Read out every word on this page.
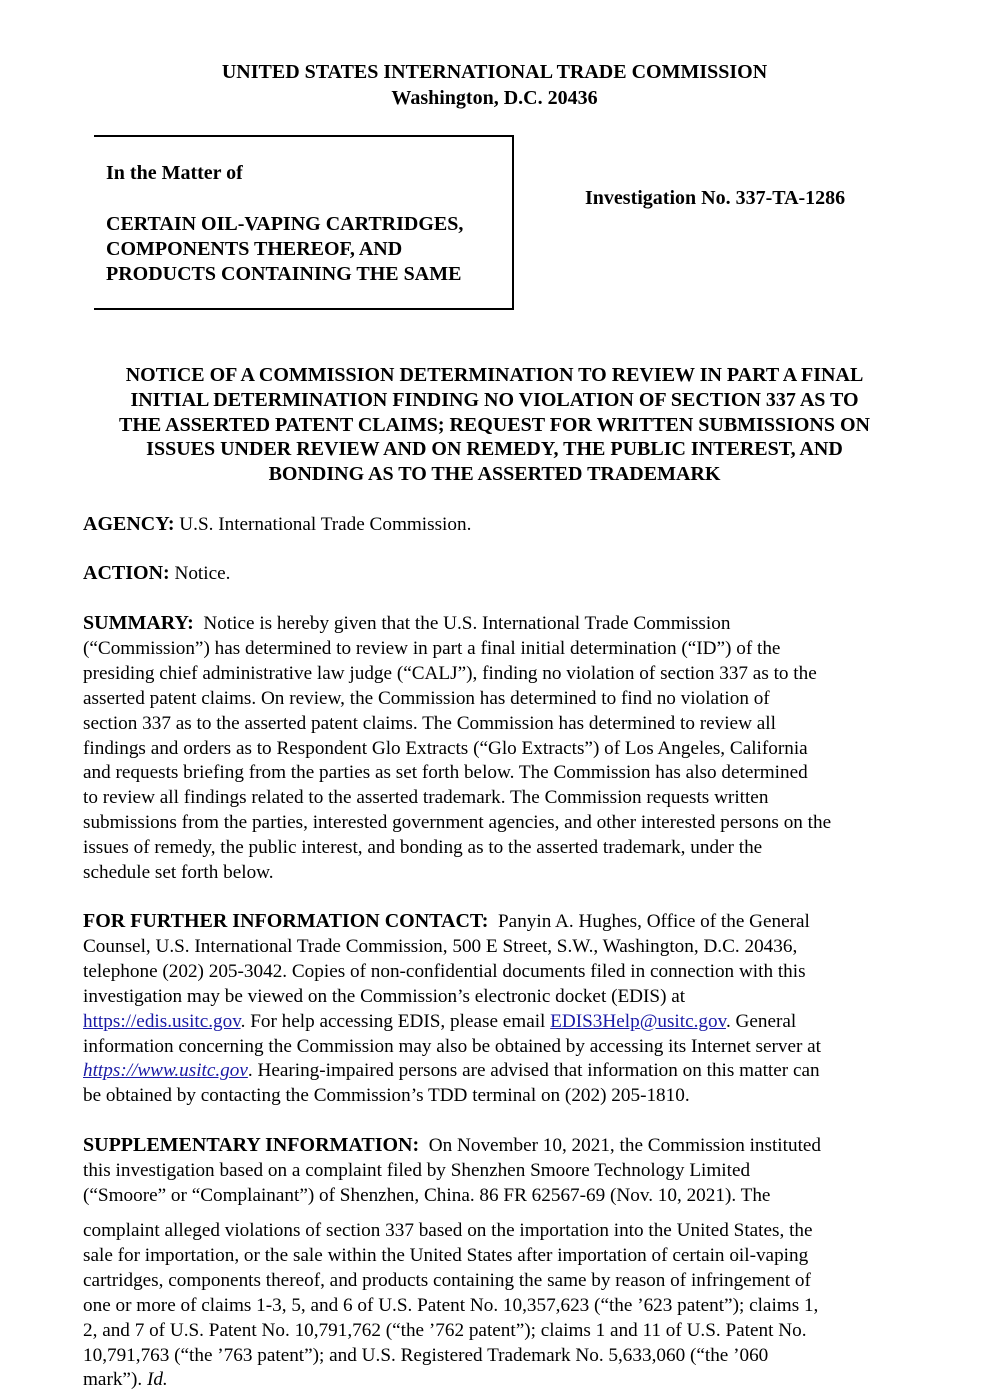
UNITED STATES INTERNATIONAL TRADE COMMISSION
Washington, D.C. 20436
In the Matter of
CERTAIN OIL-VAPING CARTRIDGES,
COMPONENTS THEREOF, AND
PRODUCTS CONTAINING THE SAME
Investigation No. 337-TA-1286
NOTICE OF A COMMISSION DETERMINATION TO REVIEW IN PART A FINAL
INITIAL DETERMINATION FINDING NO VIOLATION OF SECTION 337 AS TO
THE ASSERTED PATENT CLAIMS; REQUEST FOR WRITTEN SUBMISSIONS ON
ISSUES UNDER REVIEW AND ON REMEDY, THE PUBLIC INTEREST, AND
BONDING AS TO THE ASSERTED TRADEMARK
AGENCY: U.S. International Trade Commission.
ACTION: Notice.
SUMMARY: Notice is hereby given that the U.S. International Trade Commission
(“Commission”) has determined to review in part a final initial determination (“ID”) of the
presiding chief administrative law judge (“CALJ”), finding no violation of section 337 as to the
asserted patent claims. On review, the Commission has determined to find no violation of
section 337 as to the asserted patent claims. The Commission has determined to review all
findings and orders as to Respondent Glo Extracts (“Glo Extracts”) of Los Angeles, California
and requests briefing from the parties as set forth below. The Commission has also determined
to review all findings related to the asserted trademark. The Commission requests written
submissions from the parties, interested government agencies, and other interested persons on the
issues of remedy, the public interest, and bonding as to the asserted trademark, under the
schedule set forth below.
FOR FURTHER INFORMATION CONTACT: Panyin A. Hughes, Office of the General
Counsel, U.S. International Trade Commission, 500 E Street, S.W., Washington, D.C. 20436,
telephone (202) 205-3042. Copies of non-confidential documents filed in connection with this
investigation may be viewed on the Commission’s electronic docket (EDIS) at
https://edis.usitc.gov. For help accessing EDIS, please email EDIS3Help@usitc.gov. General
information concerning the Commission may also be obtained by accessing its Internet server at
https://www.usitc.gov. Hearing-impaired persons are advised that information on this matter can
be obtained by contacting the Commission’s TDD terminal on (202) 205-1810.
SUPPLEMENTARY INFORMATION: On November 10, 2021, the Commission instituted
this investigation based on a complaint filed by Shenzhen Smoore Technology Limited
(“Smoore” or “Complainant”) of Shenzhen, China. 86 FR 62567-69 (Nov. 10, 2021). The
complaint alleged violations of section 337 based on the importation into the United States, the
sale for importation, or the sale within the United States after importation of certain oil-vaping
cartridges, components thereof, and products containing the same by reason of infringement of
one or more of claims 1-3, 5, and 6 of U.S. Patent No. 10,357,623 (“the ’623 patent”); claims 1,
2, and 7 of U.S. Patent No. 10,791,762 (“the ’762 patent”); claims 1 and 11 of U.S. Patent No.
10,791,763 (“the ’763 patent”); and U.S. Registered Trademark No. 5,633,060 (“the ’060
mark”). Id.
